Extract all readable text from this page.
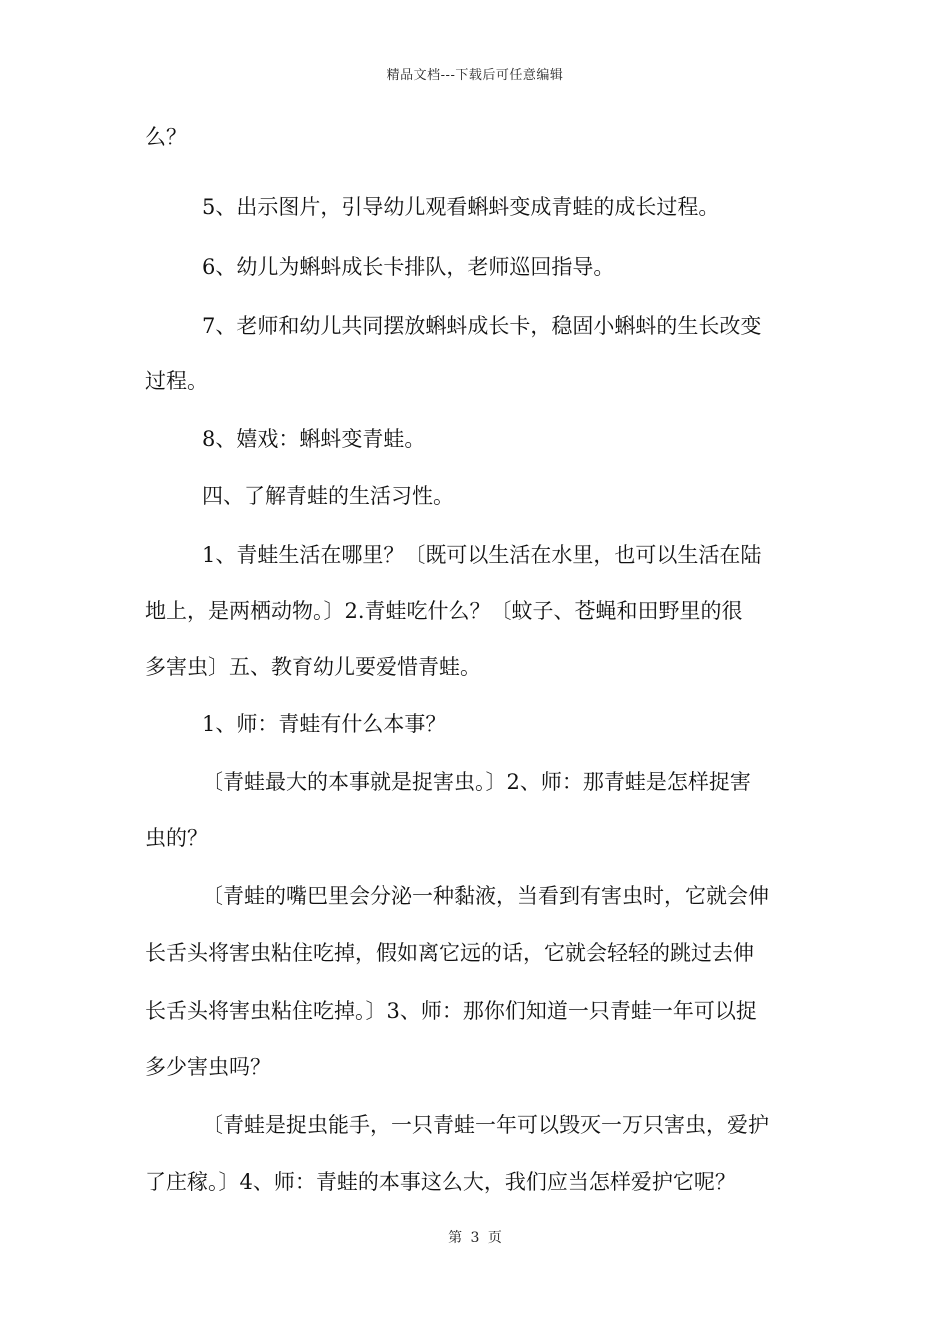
精品文档---下载后可任意编辑
么？
5、出示图片，引导幼儿观看蝌蚪变成青蛙的成长过程。
6、幼儿为蝌蚪成长卡排队，老师巡回指导。
7、老师和幼儿共同摆放蝌蚪成长卡，稳固小蝌蚪的生长改变
过程。
8、嬉戏：蝌蚪变青蛙。
四、了解青蛙的生活习性。
1、青蛙生活在哪里？〔既可以生活在水里，也可以生活在陆
地上，是两栖动物。〕2.青蛙吃什么？〔蚊子、苍蝇和田野里的很
多害虫〕五、教育幼儿要爱惜青蛙。
1、师：青蛙有什么本事？
〔青蛙最大的本事就是捉害虫。〕2、师：那青蛙是怎样捉害
虫的？
〔青蛙的嘴巴里会分泌一种黏液，当看到有害虫时，它就会伸
长舌头将害虫粘住吃掉，假如离它远的话，它就会轻轻的跳过去伸
长舌头将害虫粘住吃掉。〕3、师：那你们知道一只青蛙一年可以捉
多少害虫吗？
〔青蛙是捉虫能手，一只青蛙一年可以毁灭一万只害虫，爱护
了庄稼。〕4、师：青蛙的本事这么大，我们应当怎样爱护它呢？
第 3 页
